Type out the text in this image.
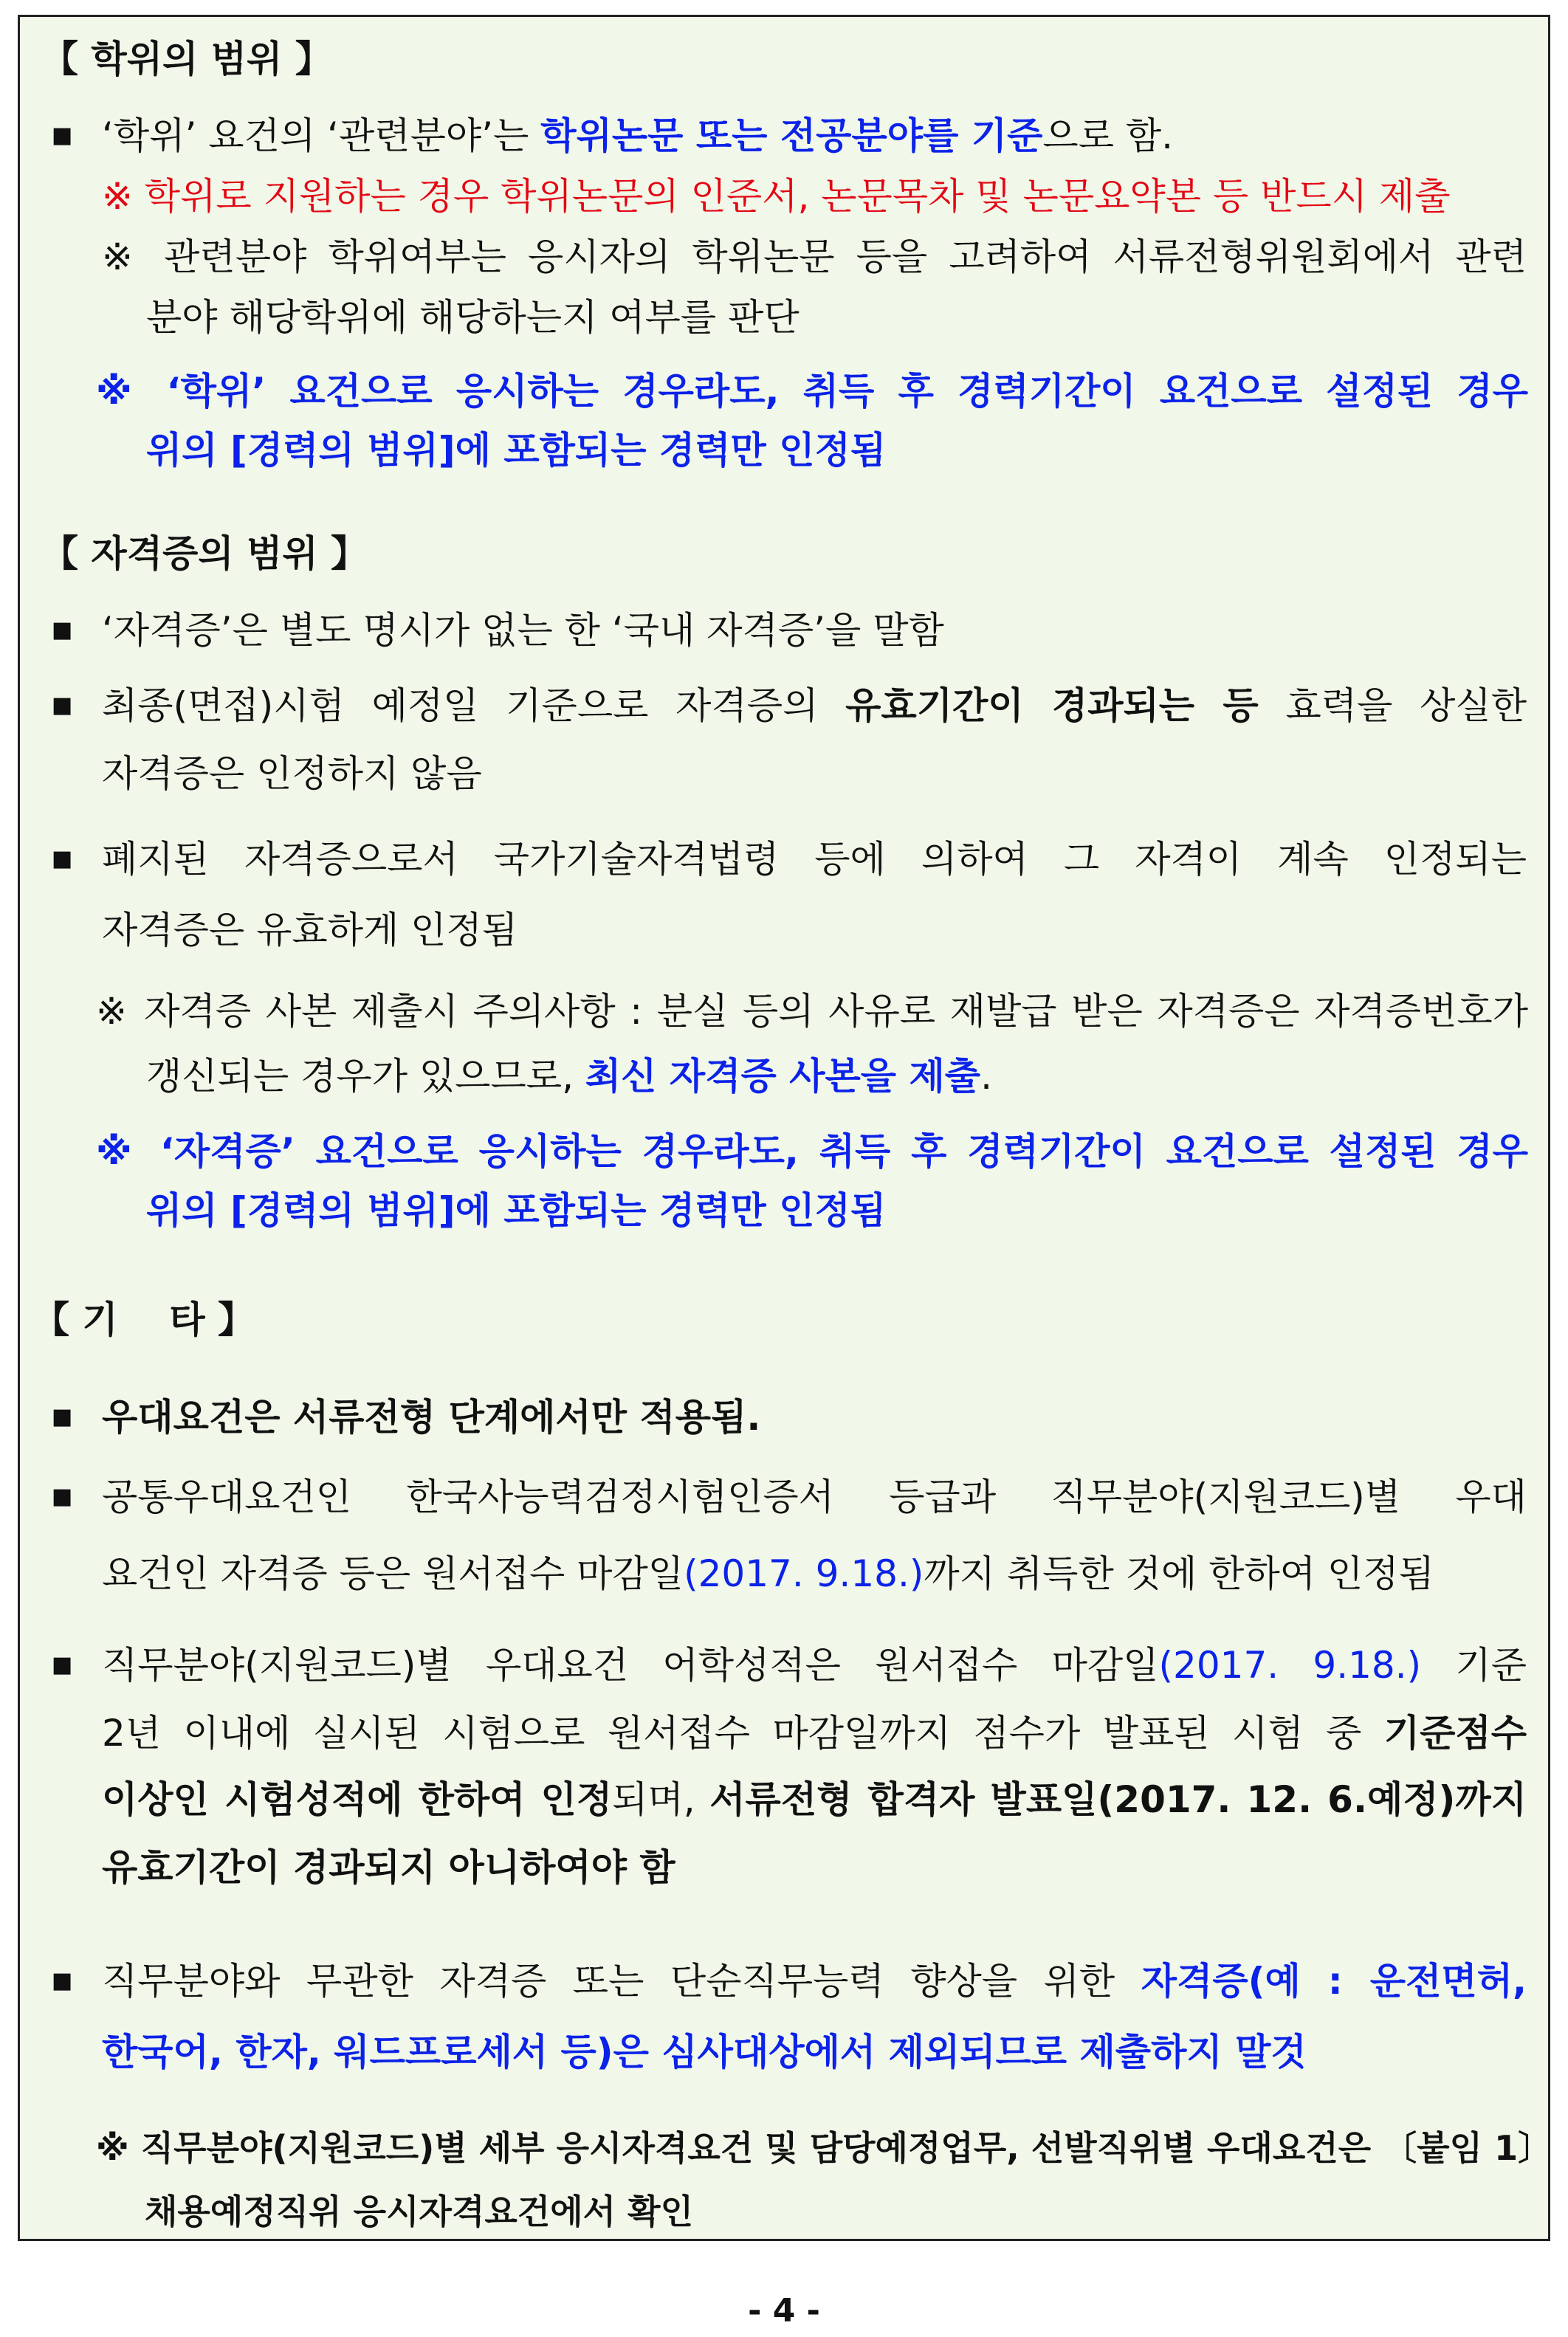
【 학위의 범위 】
■ ‘학위’ 요건의 ‘관련분야’는 학위논문 또는 전공분야를 기준으로 함.
※ 학위로 지원하는 경우 학위논문의 인준서, 논문목차 및 논문요약본 등 반드시 제출
※ 관련분야 학위여부는 응시자의 학위논문 등을 고려하여 서류전형위원회에서 관련
분야 해당학위에 해당하는지 여부를 판단
※ ‘학위’ 요건으로 응시하는 경우라도, 취득 후 경력기간이 요건으로 설정된 경우
위의 [경력의 범위]에 포함되는 경력만 인정됨
【 자격증의 범위 】
■ ‘자격증’은 별도 명시가 없는 한 ‘국내 자격증’을 말함
■ 최종(면접)시험 예정일 기준으로 자격증의 유효기간이 경과되는 등 효력을 상실한
자격증은 인정하지 않음
■ 폐지된 자격증으로서 국가기술자격법령 등에 의하여 그 자격이 계속 인정되는
자격증은 유효하게 인정됨
※ 자격증 사본 제출시 주의사항 : 분실 등의 사유로 재발급 받은 자격증은 자격증번호가
갱신되는 경우가 있으므로, 최신 자격증 사본을 제출.
※ ‘자격증’ 요건으로 응시하는 경우라도, 취득 후 경력기간이 요건으로 설정된 경우
위의 [경력의 범위]에 포함되는 경력만 인정됨
【 기    타 】
■ 우대요건은 서류전형 단계에서만 적용됨.
■ 공통우대요건인 한국사능력검정시험인증서 등급과 직무분야(지원코드)별 우대
요건인 자격증 등은 원서접수 마감일(2017. 9.18.)까지 취득한 것에 한하여 인정됨
■ 직무분야(지원코드)별 우대요건 어학성적은 원서접수 마감일(2017. 9.18.) 기준
2년 이내에 실시된 시험으로 원서접수 마감일까지 점수가 발표된 시험 중 기준점수
이상인 시험성적에 한하여 인정되며, 서류전형 합격자 발표일(2017. 12. 6.예정)까지
유효기간이 경과되지 아니하여야 함
■ 직무분야와 무관한 자격증 또는 단순직무능력 향상을 위한 자격증(예 : 운전면허,
한국어, 한자, 워드프로세서 등)은 심사대상에서 제외되므로 제출하지 말것
※ 직무분야(지원코드)별 세부 응시자격요건 및 담당예정업무, 선발직위별 우대요건은 〔붙임 1〕
채용예정직위 응시자격요건에서 확인
- 4 -
